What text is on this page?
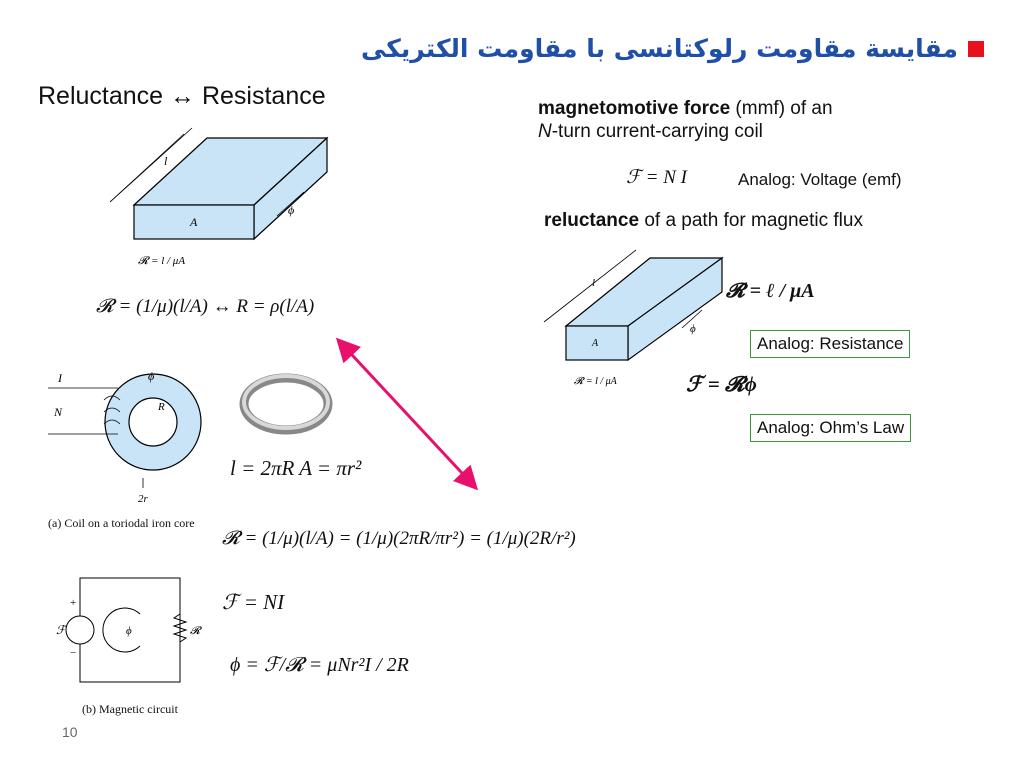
مقایسة مقاومت رلوکتانسی با مقاومت الکتریکی
Reluctance ↔ Resistance
l
A
ϕ
𝓡 = l / μA
𝓡 = (1/μ)(l/A) ↔ R = ρ(l/A)
I
N
ϕ
R
2r
(a) Coil on a toriodal iron core
ℱ
+
−
ϕ	𝓡
(b) Magnetic circuit
l = 2πR A = πr²
𝓡 = (1/μ)(l/A) = (1/μ)(2πR/πr²) = (1/μ)(2R/r²)
ℱ = NI
ϕ = ℱ/𝓡 = μNr²I / 2R
magnetomotive force (mmf) of an
N-turn current-carrying coil
ℱ = N I	Analog: Voltage (emf)
reluctance of a path for magnetic flux
l
A
ϕ
𝓡 = l / μA
𝓡 = ℓ / μA
Analog: Resistance
ℱ = 𝓡ϕ
Analog: Ohm’s Law
10
